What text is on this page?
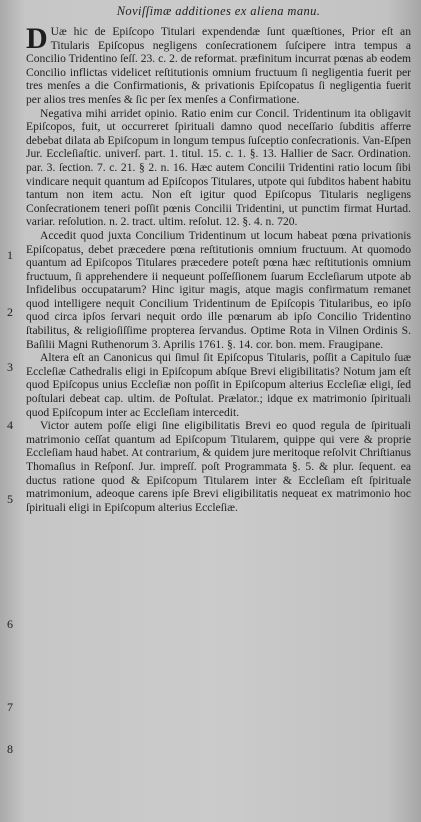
Noviſſimæ additiones ex aliena manu.

D Uæ hic de Epiſcopo Titulari expendendæ ſunt quæſtiones, Prior eſt an Titularis Epiſcopus negligens conſecrationem ſuſcipere intra tempus a Concilio Tridentino ſeſſ. 23. c. 2. de reformat. præfinitum incurrat pœnas ab eodem Concilio inflictas videlicet reſtitutionis omnium fructuum ſi negligentia fuerit per tres menſes a die Confirmationis, & privationis Epiſcopatus ſi negligentia fuerit per alios tres menſes & ſic per ſex menſes a Confirmatione.

Negativa mihi arridet opinio. Ratio enim cur Concil. Tridentinum ita obligavit Epiſcopos, fuit, ut occurreret ſpirituali damno quod neceſſario ſubditis afferre debebat dilata ab Epiſcopum in longum tempus ſuſceptio conſecrationis. Van-Eſpen Jur. Eccleſiaſtic. univerſ. part. 1. titul. 15. c. 1. §. 13. Hallier de Sacr. Ordination. par. 3. ſection. 7. c. 21. § 2. n. 16. Hæc autem Concilii Tridentini ratio locum ſibi vindicare nequit quantum ad Epiſcopos Titulares, utpote qui ſubditos habent habitu tantum non item actu. Non eſt igitur quod Epiſcopus Titularis negligens Conſecrationem teneri poſſit pœnis Concilii Tridentini, ut punctim firmat Hurtad. variar. reſolution. n. 2. tract. ultim. reſolut. 12. §. 4. n. 720.

Accedit quod juxta Concilium Tridentinum ut locum habeat pœna privationis Epiſcopatus, debet præcedere pœna reſtitutionis omnium fructuum. At quomodo quantum ad Epiſcopos Titulares præcedere poteſt pœna hæc reſtitutionis omnium fructuum, ſi apprehendere ii nequeunt poſſeſſionem ſuarum Eccleſiarum utpote ab Infidelibus occupatarum? Hinc igitur magis, atque magis confirmatum remanet quod intelligere nequit Concilium Tridentinum de Epiſcopis Titularibus, eo ipſo quod circa ipſos ſervari nequit ordo ille pœnarum ab ipſo Concilio Tridentino ſtabilitus, & religioſiſſime propterea ſervandus. Optime Rota in Vilnen Ordinis S. Baſilii Magni Ruthenorum 3. Aprilis 1761. §. 14. cor. bon. mem. Fraugipane.

Altera eſt an Canonicus qui ſimul ſit Epiſcopus Titularis, poſſit a Capitulo ſuæ Eccleſiæ Cathedralis eligi in Epiſcopum abſque Brevi eligibilitatis? Notum jam eſt quod Epiſcopus unius Eccleſiæ non poſſit in Epiſcopum alterius Eccleſiæ eligi, ſed poſtulari debeat cap. ultim. de Poſtulat. Prælator.; idque ex matrimonio ſpirituali quod Epiſcopum inter ac Eccleſiam intercedit.

Victor autem poſſe eligi ſine eligibilitatis Brevi eo quod regula de ſpirituali matrimonio ceſſat quantum ad Epiſcopum Titularem, quippe qui vere & proprie Eccleſiam haud habet. At contrarium, & quidem jure meritoque reſolvit Chriſtianus Thomaſius in Reſponſ. Jur. impreſſ. poſt Programmata §. 5. & plur. ſequent. ea ductus ratione quod & Epiſcopum Titularem inter & Eccleſiam eſt ſpirituale matrimonium, adeoque carens ipſe Brevi eligibilitatis nequeat ex matrimonio hoc ſpirituali eligi in Epiſcopum alterius Eccleſiæ.

1
2
3
4
5
6
7
8
